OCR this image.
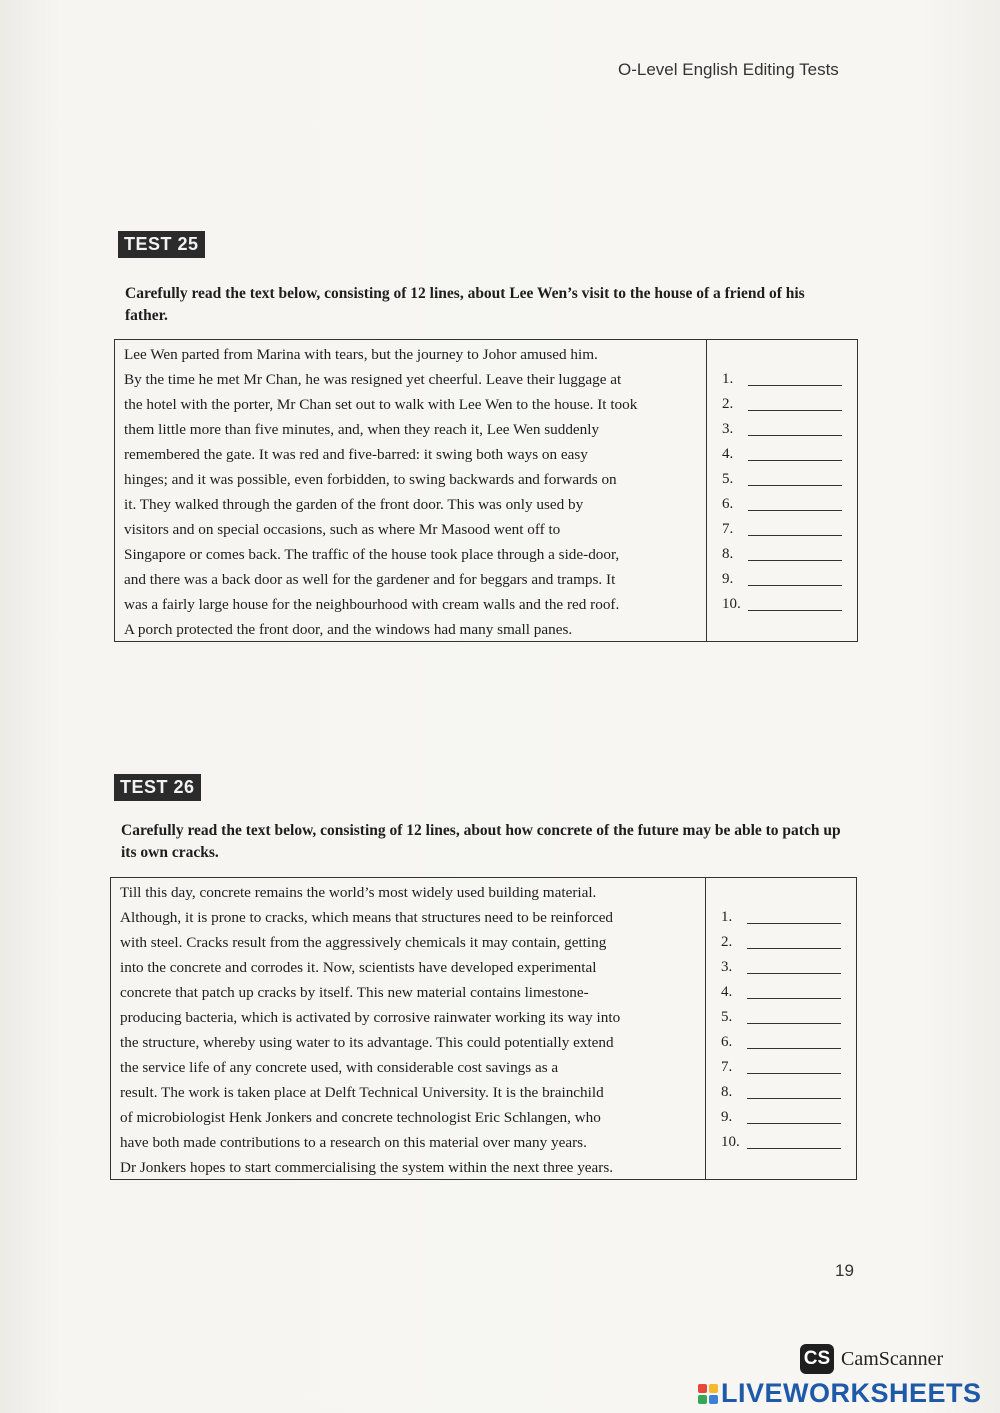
O-Level English Editing Tests
TEST 25
Carefully read the text below, consisting of 12 lines, about Lee Wen’s visit to the house of a friend of his father.
Lee Wen parted from Marina with tears, but the journey to Johor amused him.
By the time he met Mr Chan, he was resigned yet cheerful. Leave their luggage at
the hotel with the porter, Mr Chan set out to walk with Lee Wen to the house. It took
them little more than five minutes, and, when they reach it, Lee Wen suddenly
remembered the gate. It was red and five-barred: it swing both ways on easy
hinges; and it was possible, even forbidden, to swing backwards and forwards on
it. They walked through the garden of the front door. This was only used by
visitors and on special occasions, such as where Mr Masood went off to
Singapore or comes back. The traffic of the house took place through a side-door,
and there was a back door as well for the gardener and for beggars and tramps. It
was a fairly large house for the neighbourhood with cream walls and the red roof.
A porch protected the front door, and the windows had many small panes.
1.
2.
3.
4.
5.
6.
7.
8.
9.
10.
TEST 26
Carefully read the text below, consisting of 12 lines, about how concrete of the future may be able to patch up its own cracks.
Till this day, concrete remains the world’s most widely used building material.
Although, it is prone to cracks, which means that structures need to be reinforced
with steel. Cracks result from the aggressively chemicals it may contain, getting
into the concrete and corrodes it. Now, scientists have developed experimental
concrete that patch up cracks by itself. This new material contains limestone-
producing bacteria, which is activated by corrosive rainwater working its way into
the structure, whereby using water to its advantage. This could potentially extend
the service life of any concrete used, with considerable cost savings as a
result. The work is taken place at Delft Technical University. It is the brainchild
of microbiologist Henk Jonkers and concrete technologist Eric Schlangen, who
have both made contributions to a research on this material over many years.
Dr Jonkers hopes to start commercialising the system within the next three years.
1.
2.
3.
4.
5.
6.
7.
8.
9.
10.
19
CS CamScanner
LIVEWORKSHEETS
